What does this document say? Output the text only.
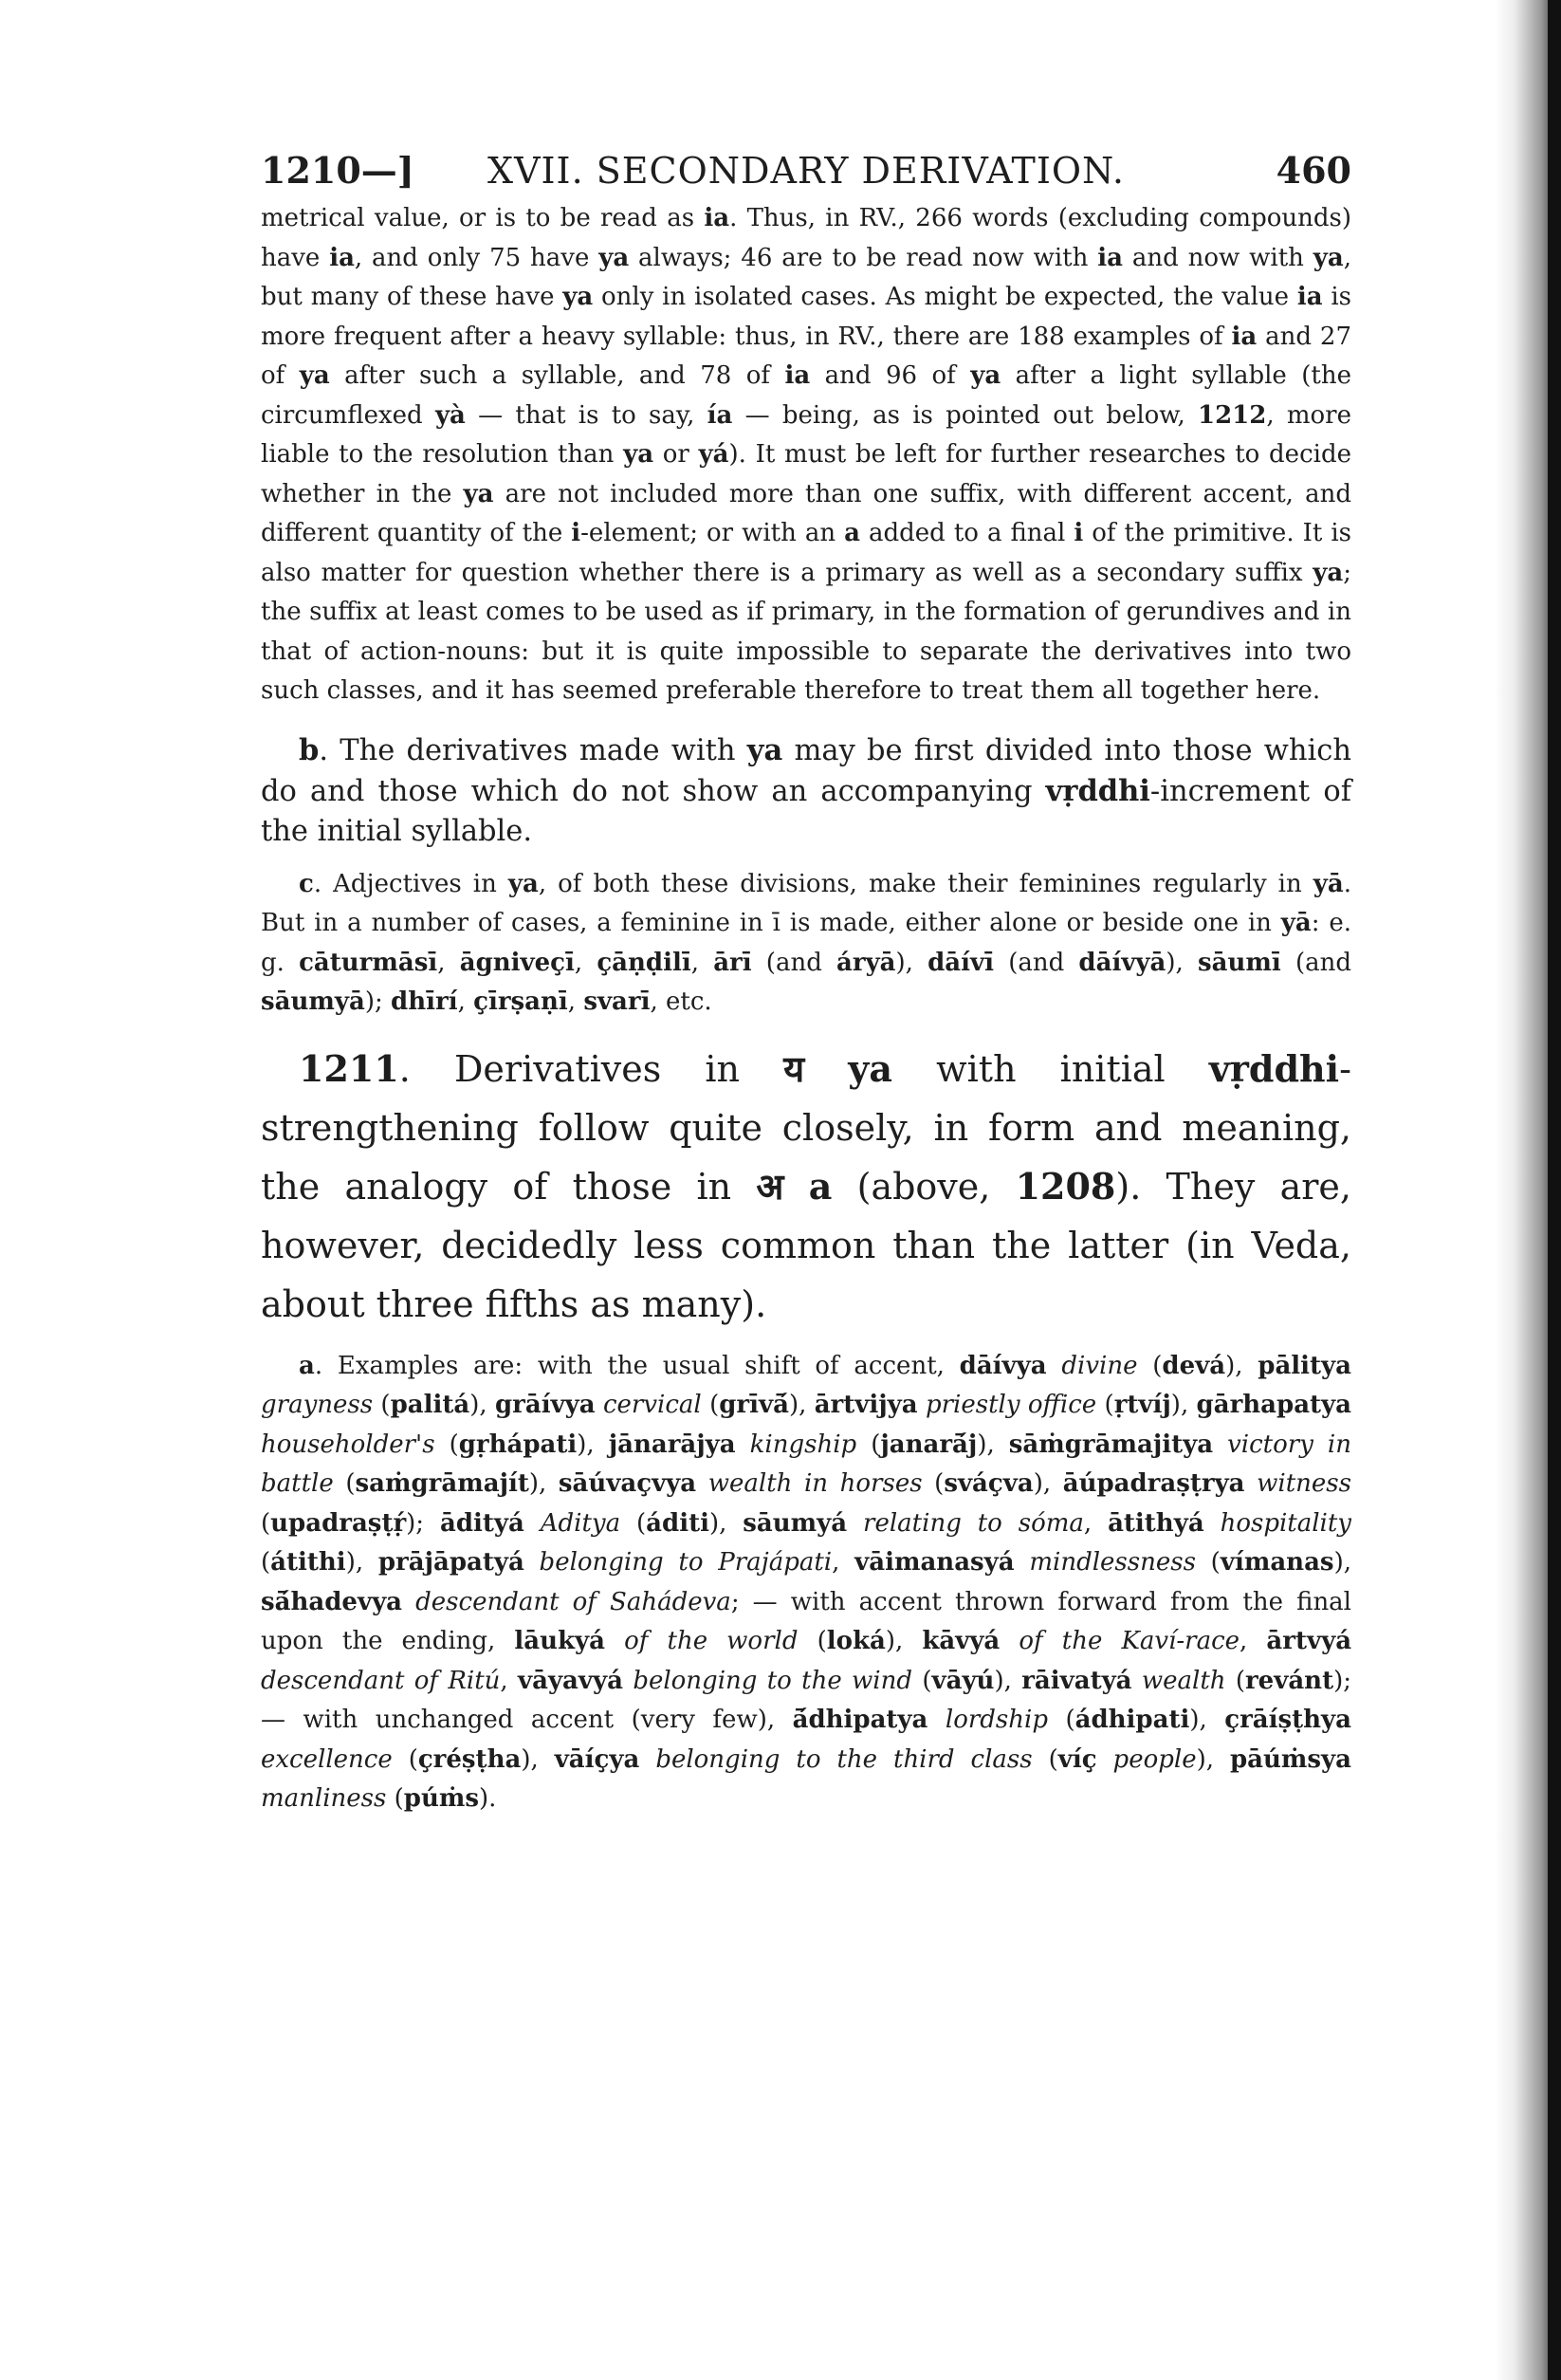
1210—]	XVII. SECONDARY DERIVATION.	460

metrical value, or is to be read as ia. Thus, in RV., 266 words (excluding compounds) have ia, and only 75 have ya always; 46 are to be read now with ia and now with ya, but many of these have ya only in isolated cases. As might be expected, the value ia is more frequent after a heavy syllable: thus, in RV., there are 188 examples of ia and 27 of ya after such a syllable, and 78 of ia and 96 of ya after a light syllable (the circumflexed yà — that is to say, ía — being, as is pointed out below, 1212, more liable to the resolution than ya or yá). It must be left for further researches to decide whether in the ya are not included more than one suffix, with different accent, and different quantity of the i-element; or with an a added to a final i of the primitive. It is also matter for question whether there is a primary as well as a secondary suffix ya; the suffix at least comes to be used as if primary, in the formation of gerundives and in that of action-nouns: but it is quite impossible to separate the derivatives into two such classes, and it has seemed preferable therefore to treat them all together here.

b. The derivatives made with ya may be first divided into those which do and those which do not show an accompanying vṛddhi-increment of the initial syllable.

c. Adjectives in ya, of both these divisions, make their feminines regularly in yā. But in a number of cases, a feminine in ī is made, either alone or beside one in yā: e. g. cāturmāsī, āgniveçī, çāṇḍilī, ārī (and áryā), dāívī (and dāívyā), sāumī (and sāumyā); dhīrí, çīrṣaṇī, svarī, etc.

1211. Derivatives in य ya with initial vṛddhi-strengthening follow quite closely, in form and meaning, the analogy of those in अ a (above, 1208). They are, however, decidedly less common than the latter (in Veda, about three fifths as many).

a. Examples are: with the usual shift of accent, dāívya divine (devá), pālitya grayness (palitá), grāívya cervical (grīvā́), ārtvijya priestly office (ṛtvíj), gārhapatya householder's (gṛhápati), jānarājya kingship (janarā́j), sāṁgrāmajitya victory in battle (saṁgrāmajít), sāúvaçvya wealth in horses (sváçva), āúpadraṣṭrya witness (upadraṣṭṛ́); ādityá Aditya (áditi), sāumyá relating to sóma, ātithyá hospitality (átithi), prājāpatyá belonging to Prajápati, vāimanasyá mindlessness (vímanas), sā́hadevya descendant of Sahádeva; — with accent thrown forward from the final upon the ending, lāukyá of the world (loká), kāvyá of the Kaví-race, ārtvyá descendant of Ritú, vāyavyá belonging to the wind (vāyú), rāivatyá wealth (revánt); — with unchanged accent (very few), ā́dhipatya lordship (ádhipati), çrāíṣṭhya excellence (çréṣṭha), vāíçya belonging to the third class (víç people), pāúṁsya manliness (púṁs).
